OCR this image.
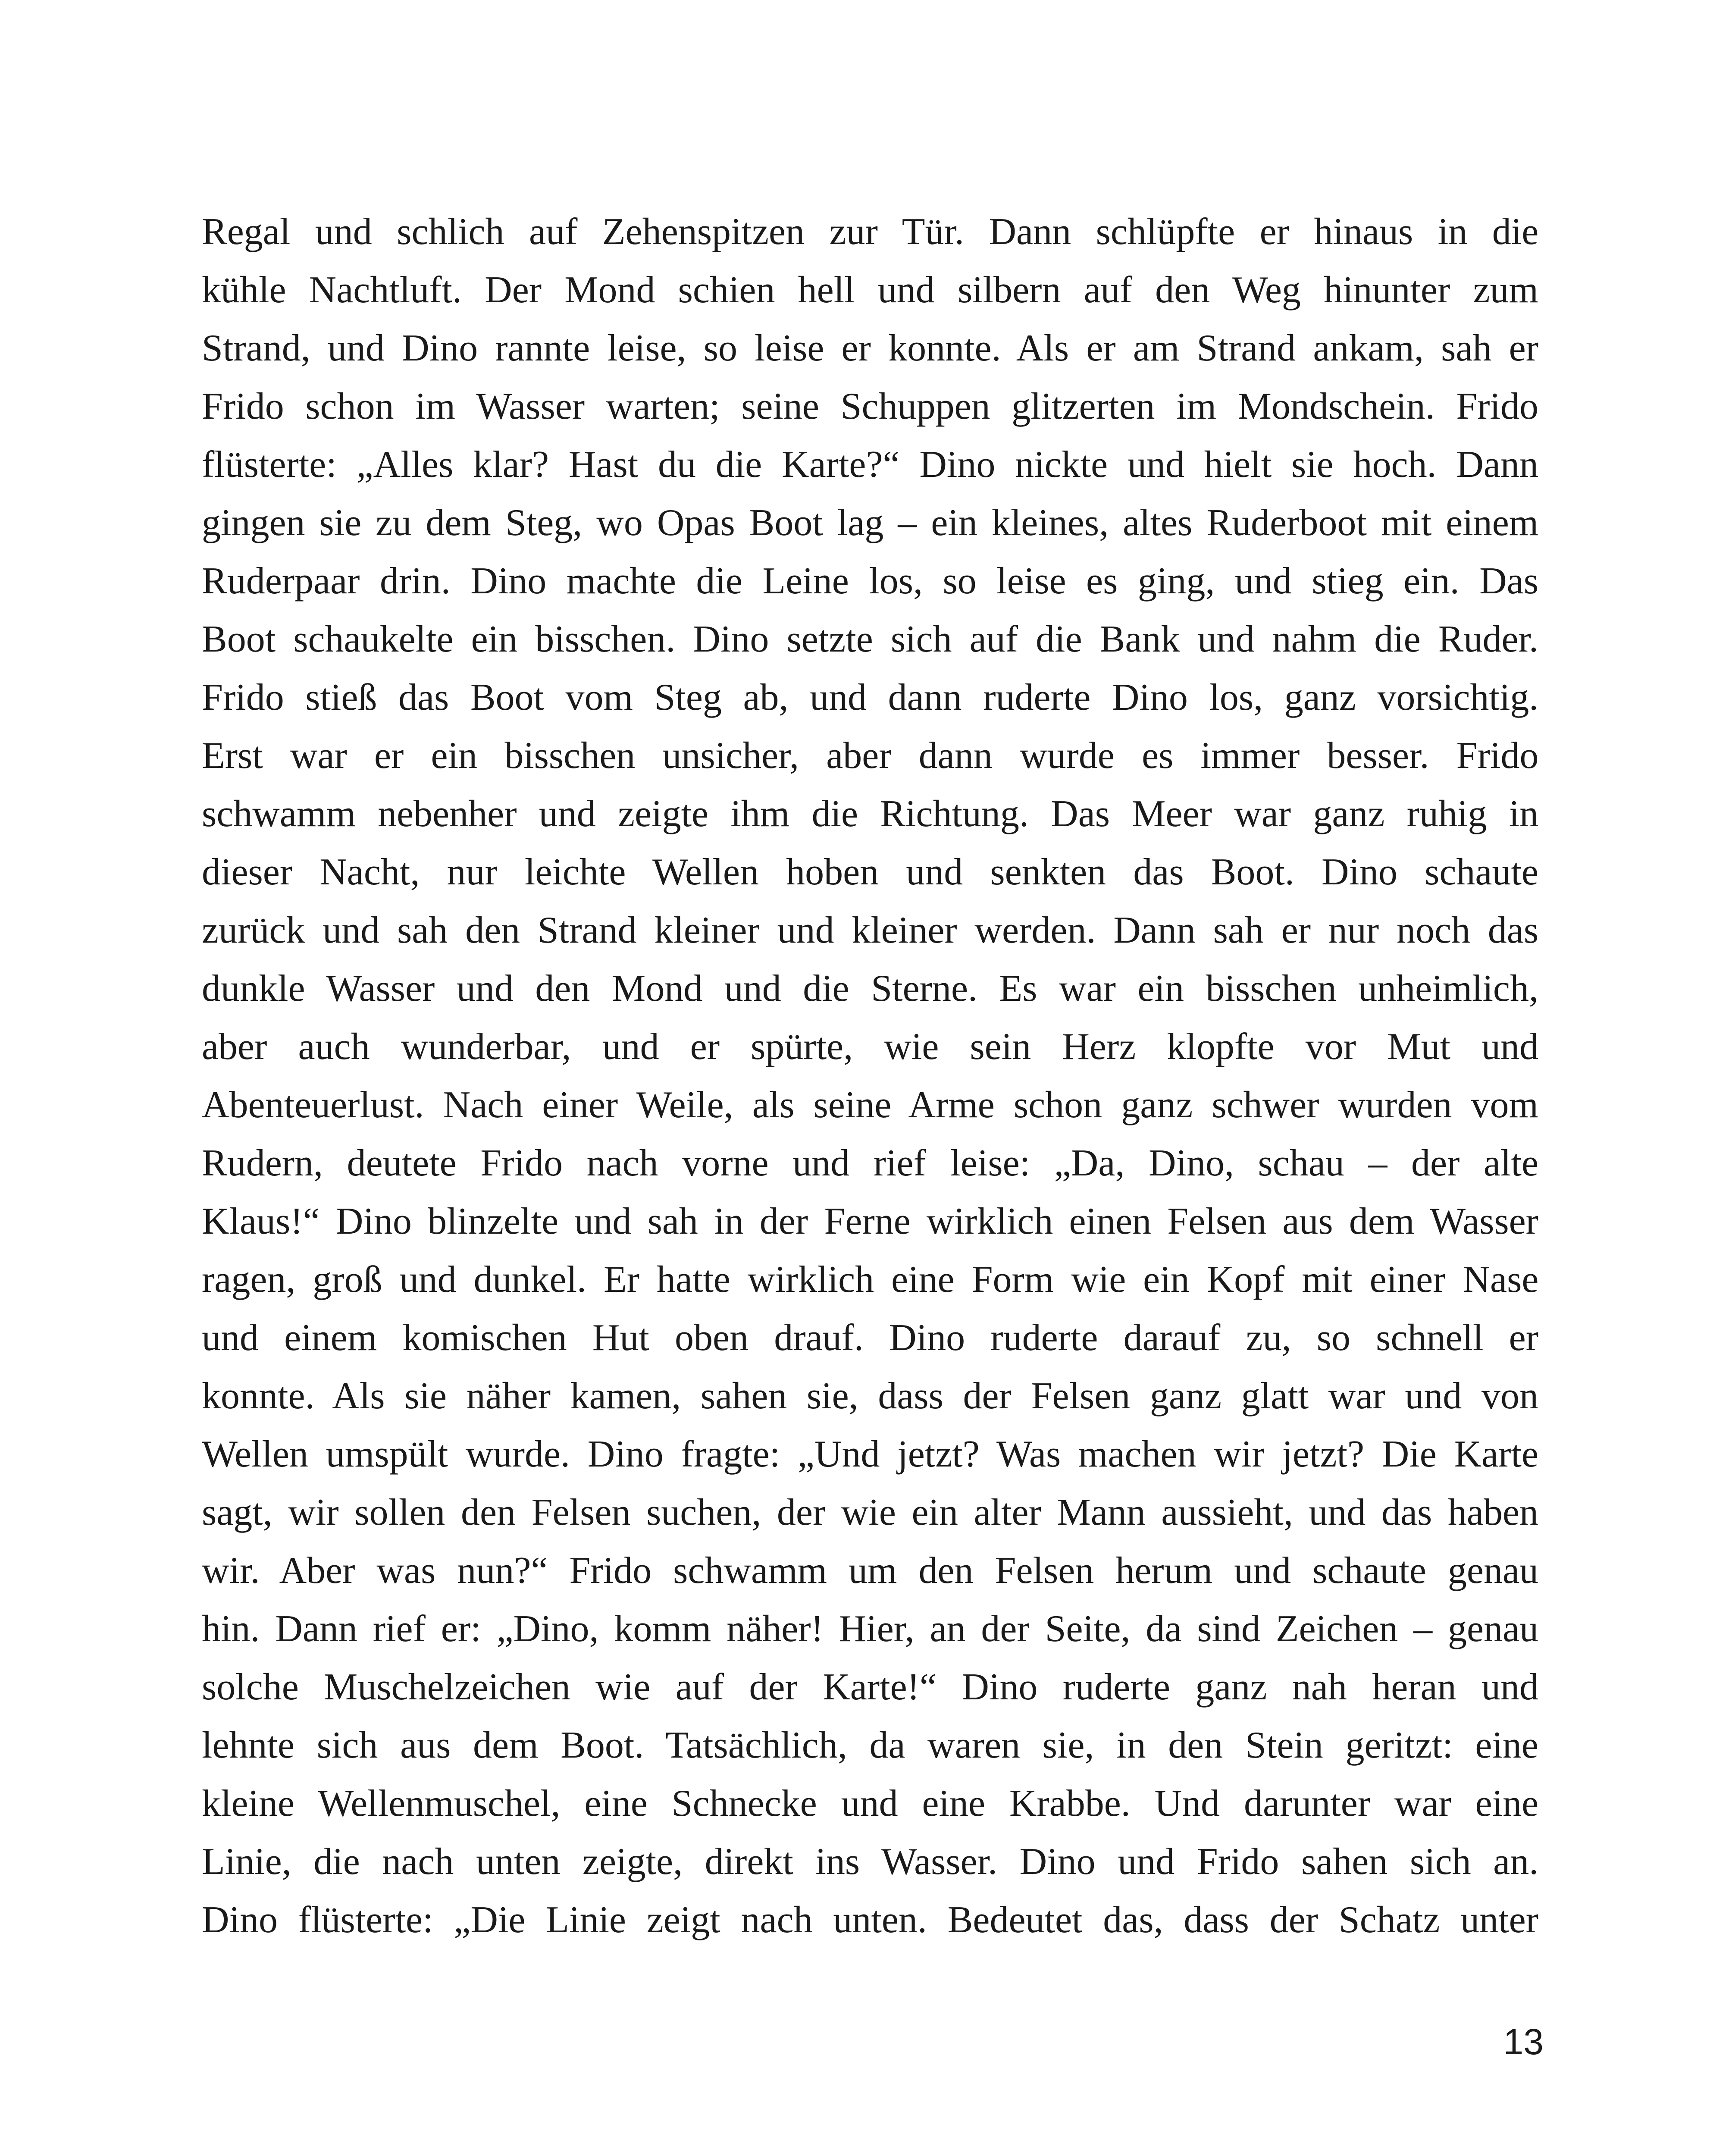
Regal und schlich auf Zehenspitzen zur Tür. Dann schlüpfte er hinaus in die
kühle Nachtluft. Der Mond schien hell und silbern auf den Weg hinunter zum
Strand, und Dino rannte leise, so leise er konnte. Als er am Strand ankam, sah er
Frido schon im Wasser warten; seine Schuppen glitzerten im Mondschein. Frido
flüsterte: „Alles klar? Hast du die Karte?“ Dino nickte und hielt sie hoch. Dann
gingen sie zu dem Steg, wo Opas Boot lag – ein kleines, altes Ruderboot mit einem
Ruderpaar drin. Dino machte die Leine los, so leise es ging, und stieg ein. Das
Boot schaukelte ein bisschen. Dino setzte sich auf die Bank und nahm die Ruder.
Frido stieß das Boot vom Steg ab, und dann ruderte Dino los, ganz vorsichtig.
Erst war er ein bisschen unsicher, aber dann wurde es immer besser. Frido
schwamm nebenher und zeigte ihm die Richtung. Das Meer war ganz ruhig in
dieser Nacht, nur leichte Wellen hoben und senkten das Boot. Dino schaute
zurück und sah den Strand kleiner und kleiner werden. Dann sah er nur noch das
dunkle Wasser und den Mond und die Sterne. Es war ein bisschen unheimlich,
aber auch wunderbar, und er spürte, wie sein Herz klopfte vor Mut und
Abenteuerlust. Nach einer Weile, als seine Arme schon ganz schwer wurden vom
Rudern, deutete Frido nach vorne und rief leise: „Da, Dino, schau – der alte
Klaus!“ Dino blinzelte und sah in der Ferne wirklich einen Felsen aus dem Wasser
ragen, groß und dunkel. Er hatte wirklich eine Form wie ein Kopf mit einer Nase
und einem komischen Hut oben drauf. Dino ruderte darauf zu, so schnell er
konnte. Als sie näher kamen, sahen sie, dass der Felsen ganz glatt war und von
Wellen umspült wurde. Dino fragte: „Und jetzt? Was machen wir jetzt? Die Karte
sagt, wir sollen den Felsen suchen, der wie ein alter Mann aussieht, und das haben
wir. Aber was nun?“ Frido schwamm um den Felsen herum und schaute genau
hin. Dann rief er: „Dino, komm näher! Hier, an der Seite, da sind Zeichen – genau
solche Muschelzeichen wie auf der Karte!“ Dino ruderte ganz nah heran und
lehnte sich aus dem Boot. Tatsächlich, da waren sie, in den Stein geritzt: eine
kleine Wellenmuschel, eine Schnecke und eine Krabbe. Und darunter war eine
Linie, die nach unten zeigte, direkt ins Wasser. Dino und Frido sahen sich an.
Dino flüsterte: „Die Linie zeigt nach unten. Bedeutet das, dass der Schatz unter
13
